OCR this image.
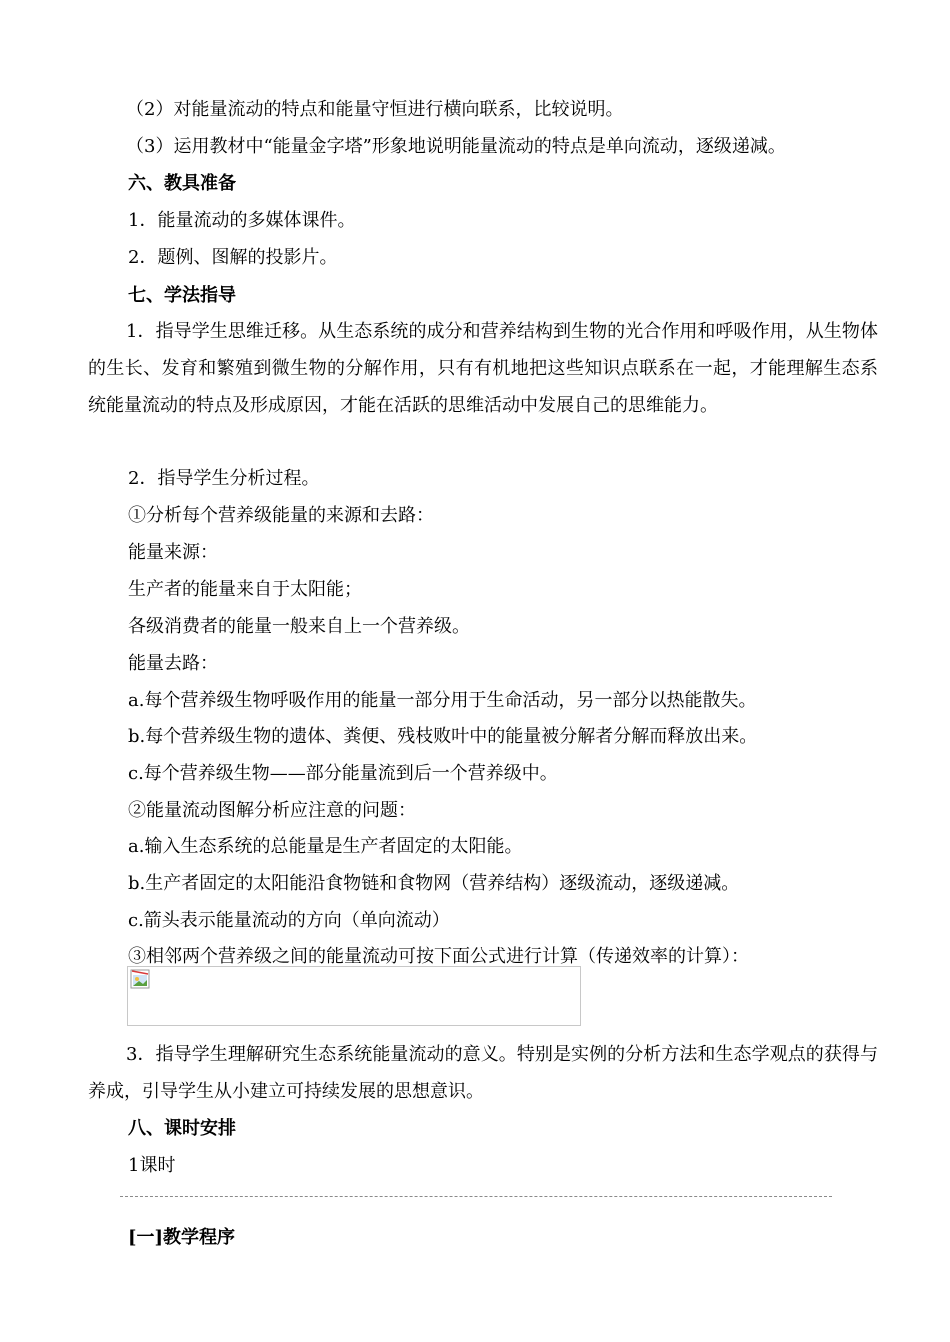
（2）对能量流动的特点和能量守恒进行横向联系，比较说明。
（3）运用教材中“能量金字塔”形象地说明能量流动的特点是单向流动，逐级递减。
六、教具准备
1．能量流动的多媒体课件。
2．题例、图解的投影片。
七、学法指导
1．指导学生思维迁移。从生态系统的成分和营养结构到生物的光合作用和呼吸作用，从生物体的生长、发育和繁殖到微生物的分解作用，只有有机地把这些知识点联系在一起，才能理解生态系统能量流动的特点及形成原因，才能在活跃的思维活动中发展自己的思维能力。
2．指导学生分析过程。
①分析每个营养级能量的来源和去路：
能量来源：
生产者的能量来自于太阳能；
各级消费者的能量一般来自上一个营养级。
能量去路：
a.每个营养级生物呼吸作用的能量一部分用于生命活动，另一部分以热能散失。
b.每个营养级生物的遗体、粪便、残枝败叶中的能量被分解者分解而释放出来。
c.每个营养级生物——部分能量流到后一个营养级中。
②能量流动图解分析应注意的问题：
a.输入生态系统的总能量是生产者固定的太阳能。
b.生产者固定的太阳能沿食物链和食物网（营养结构）逐级流动，逐级递减。
c.箭头表示能量流动的方向（单向流动）
③相邻两个营养级之间的能量流动可按下面公式进行计算（传递效率的计算）：
3．指导学生理解研究生态系统能量流动的意义。特别是实例的分析方法和生态学观点的获得与养成，引导学生从小建立可持续发展的思想意识。
八、课时安排
1课时
[一]教学程序
